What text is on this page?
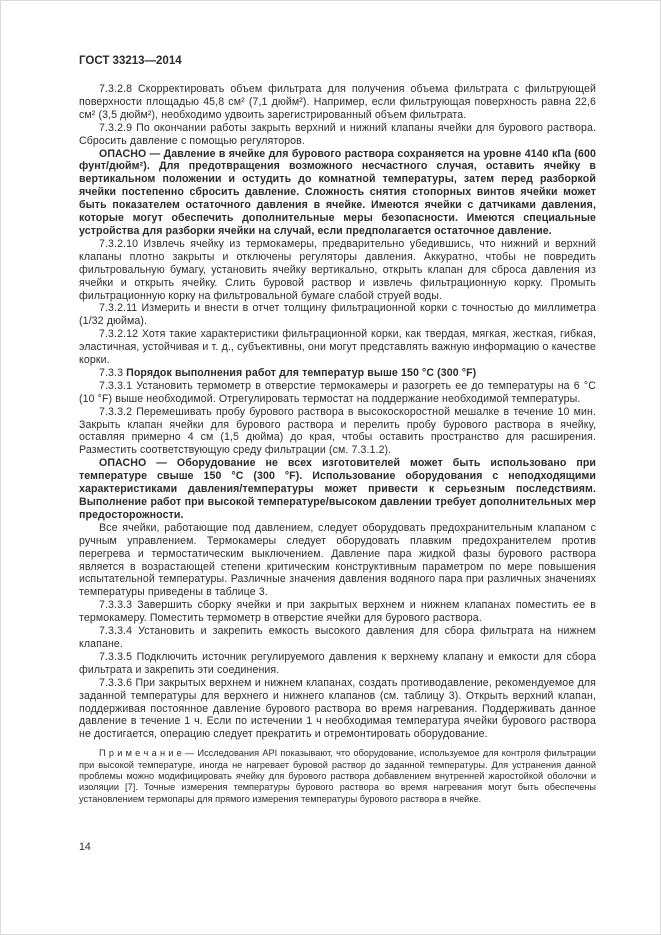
ГОСТ 33213—2014

7.3.2.8 Скорректировать объем фильтрата для получения объема фильтрата с фильтрующей поверхности площадью 45,8 см² (7,1 дюйм²). Например, если фильтрующая поверхность равна 22,6 см² (3,5 дюйм²), необходимо удвоить зарегистрированный объем фильтрата.

7.3.2.9 По окончании работы закрыть верхний и нижний клапаны ячейки для бурового раствора. Сбросить давление с помощью регуляторов.

ОПАСНО — Давление в ячейке для бурового раствора сохраняется на уровне 4140 кПа (600 фунт/дюйм²). Для предотвращения возможного несчастного случая, оставить ячейку в вертикальном положении и остудить до комнатной температуры, затем перед разборкой ячейки постепенно сбросить давление. Сложность снятия стопорных винтов ячейки может быть показателем остаточного давления в ячейке. Имеются ячейки с датчиками давления, которые могут обеспечить дополнительные меры безопасности. Имеются специальные устройства для разборки ячейки на случай, если предполагается остаточное давление.

7.3.2.10 Извлечь ячейку из термокамеры, предварительно убедившись, что нижний и верхний клапаны плотно закрыты и отключены регуляторы давления. Аккуратно, чтобы не повредить фильтровальную бумагу, установить ячейку вертикально, открыть клапан для сброса давления из ячейки и открыть ячейку. Слить буровой раствор и извлечь фильтрационную корку. Промыть фильтрационную корку на фильтровальной бумаге слабой струей воды.

7.3.2.11 Измерить и внести в отчет толщину фильтрационной корки с точностью до миллиметра (1/32 дюйма).

7.3.2.12 Хотя такие характеристики фильтрационной корки, как твердая, мягкая, жесткая, гибкая, эластичная, устойчивая и т. д., субъективны, они могут представлять важную информацию о качестве корки.

7.3.3 Порядок выполнения работ для температур выше 150 °С (300 °F)

7.3.3.1 Установить термометр в отверстие термокамеры и разогреть ее до температуры на 6 °С (10 °F) выше необходимой. Отрегулировать термостат на поддержание необходимой температуры.

7.3.3.2 Перемешивать пробу бурового раствора в высокоскоростной мешалке в течение 10 мин. Закрыть клапан ячейки для бурового раствора и перелить пробу бурового раствора в ячейку, оставляя примерно 4 см (1,5 дюйма) до края, чтобы оставить пространство для расширения. Разместить соответствующую среду фильтрации (см. 7.3.1.2).

ОПАСНО — Оборудование не всех изготовителей может быть использовано при температуре свыше 150 °С (300 °F). Использование оборудования с неподходящими характеристиками давления/температуры может привести к серьезным последствиям. Выполнение работ при высокой температуре/высоком давлении требует дополнительных мер предосторожности.

Все ячейки, работающие под давлением, следует оборудовать предохранительным клапаном с ручным управлением. Термокамеры следует оборудовать плавким предохранителем против перегрева и термостатическим выключением. Давление пара жидкой фазы бурового раствора является в возрастающей степени критическим конструктивным параметром по мере повышения испытательной температуры. Различные значения давления водяного пара при различных значениях температуры приведены в таблице 3.

7.3.3.3 Завершить сборку ячейки и при закрытых верхнем и нижнем клапанах поместить ее в термокамеру. Поместить термометр в отверстие ячейки для бурового раствора.

7.3.3.4 Установить и закрепить емкость высокого давления для сбора фильтрата на нижнем клапане.

7.3.3.5 Подключить источник регулируемого давления к верхнему клапану и емкости для сбора фильтрата и закрепить эти соединения.

7.3.3.6 При закрытых верхнем и нижнем клапанах, создать противодавление, рекомендуемое для заданной температуры для верхнего и нижнего клапанов (см. таблицу 3). Открыть верхний клапан, поддерживая постоянное давление бурового раствора во время нагревания. Поддерживать данное давление в течение 1 ч. Если по истечении 1 ч необходимая температура ячейки бурового раствора не достигается, операцию следует прекратить и отремонтировать оборудование.

П р и м е ч а н и е — Исследования API показывают, что оборудование, используемое для контроля фильтрации при высокой температуре, иногда не нагревает буровой раствор до заданной температуры. Для устранения данной проблемы можно модифицировать ячейку для бурового раствора добавлением внутренней жаростойкой оболочки и изоляции [7]. Точные измерения температуры бурового раствора во время нагревания могут быть обеспечены установлением термопары для прямого измерения температуры бурового раствора в ячейке.

14
